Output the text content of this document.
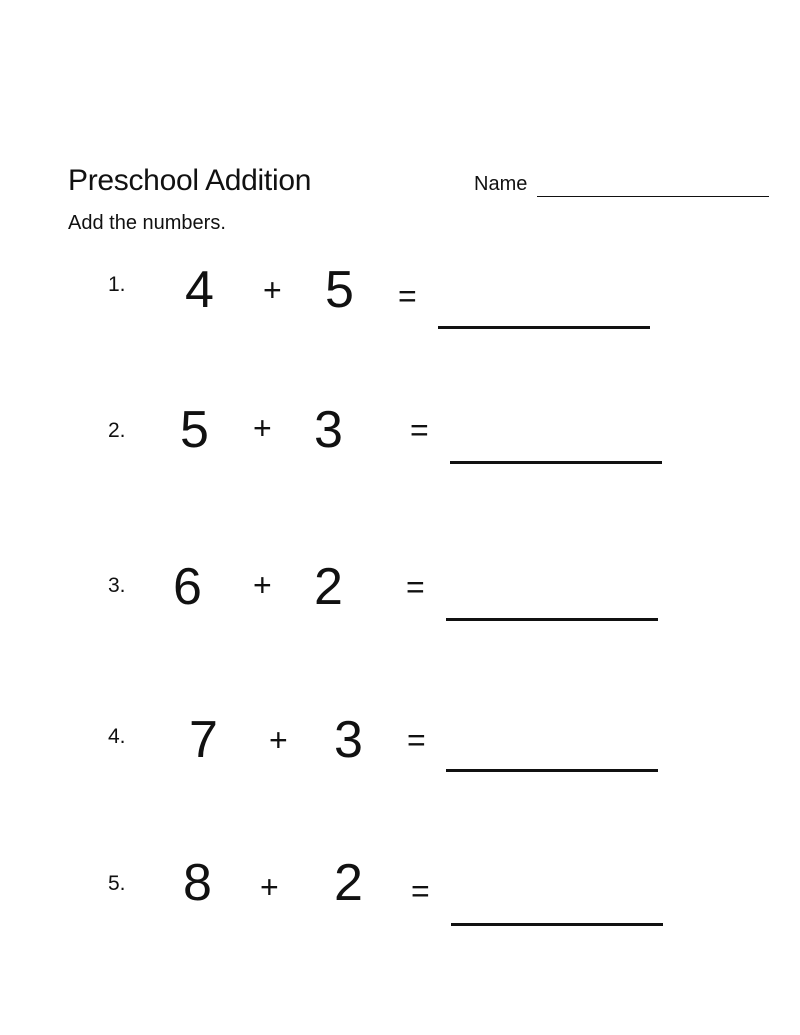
Preschool Addition
Add the numbers.
Name
1. 4 + 5 =
2. 5 + 3 =
3. 6 + 2 =
4. 7 + 3 =
5. 8 + 2 =
